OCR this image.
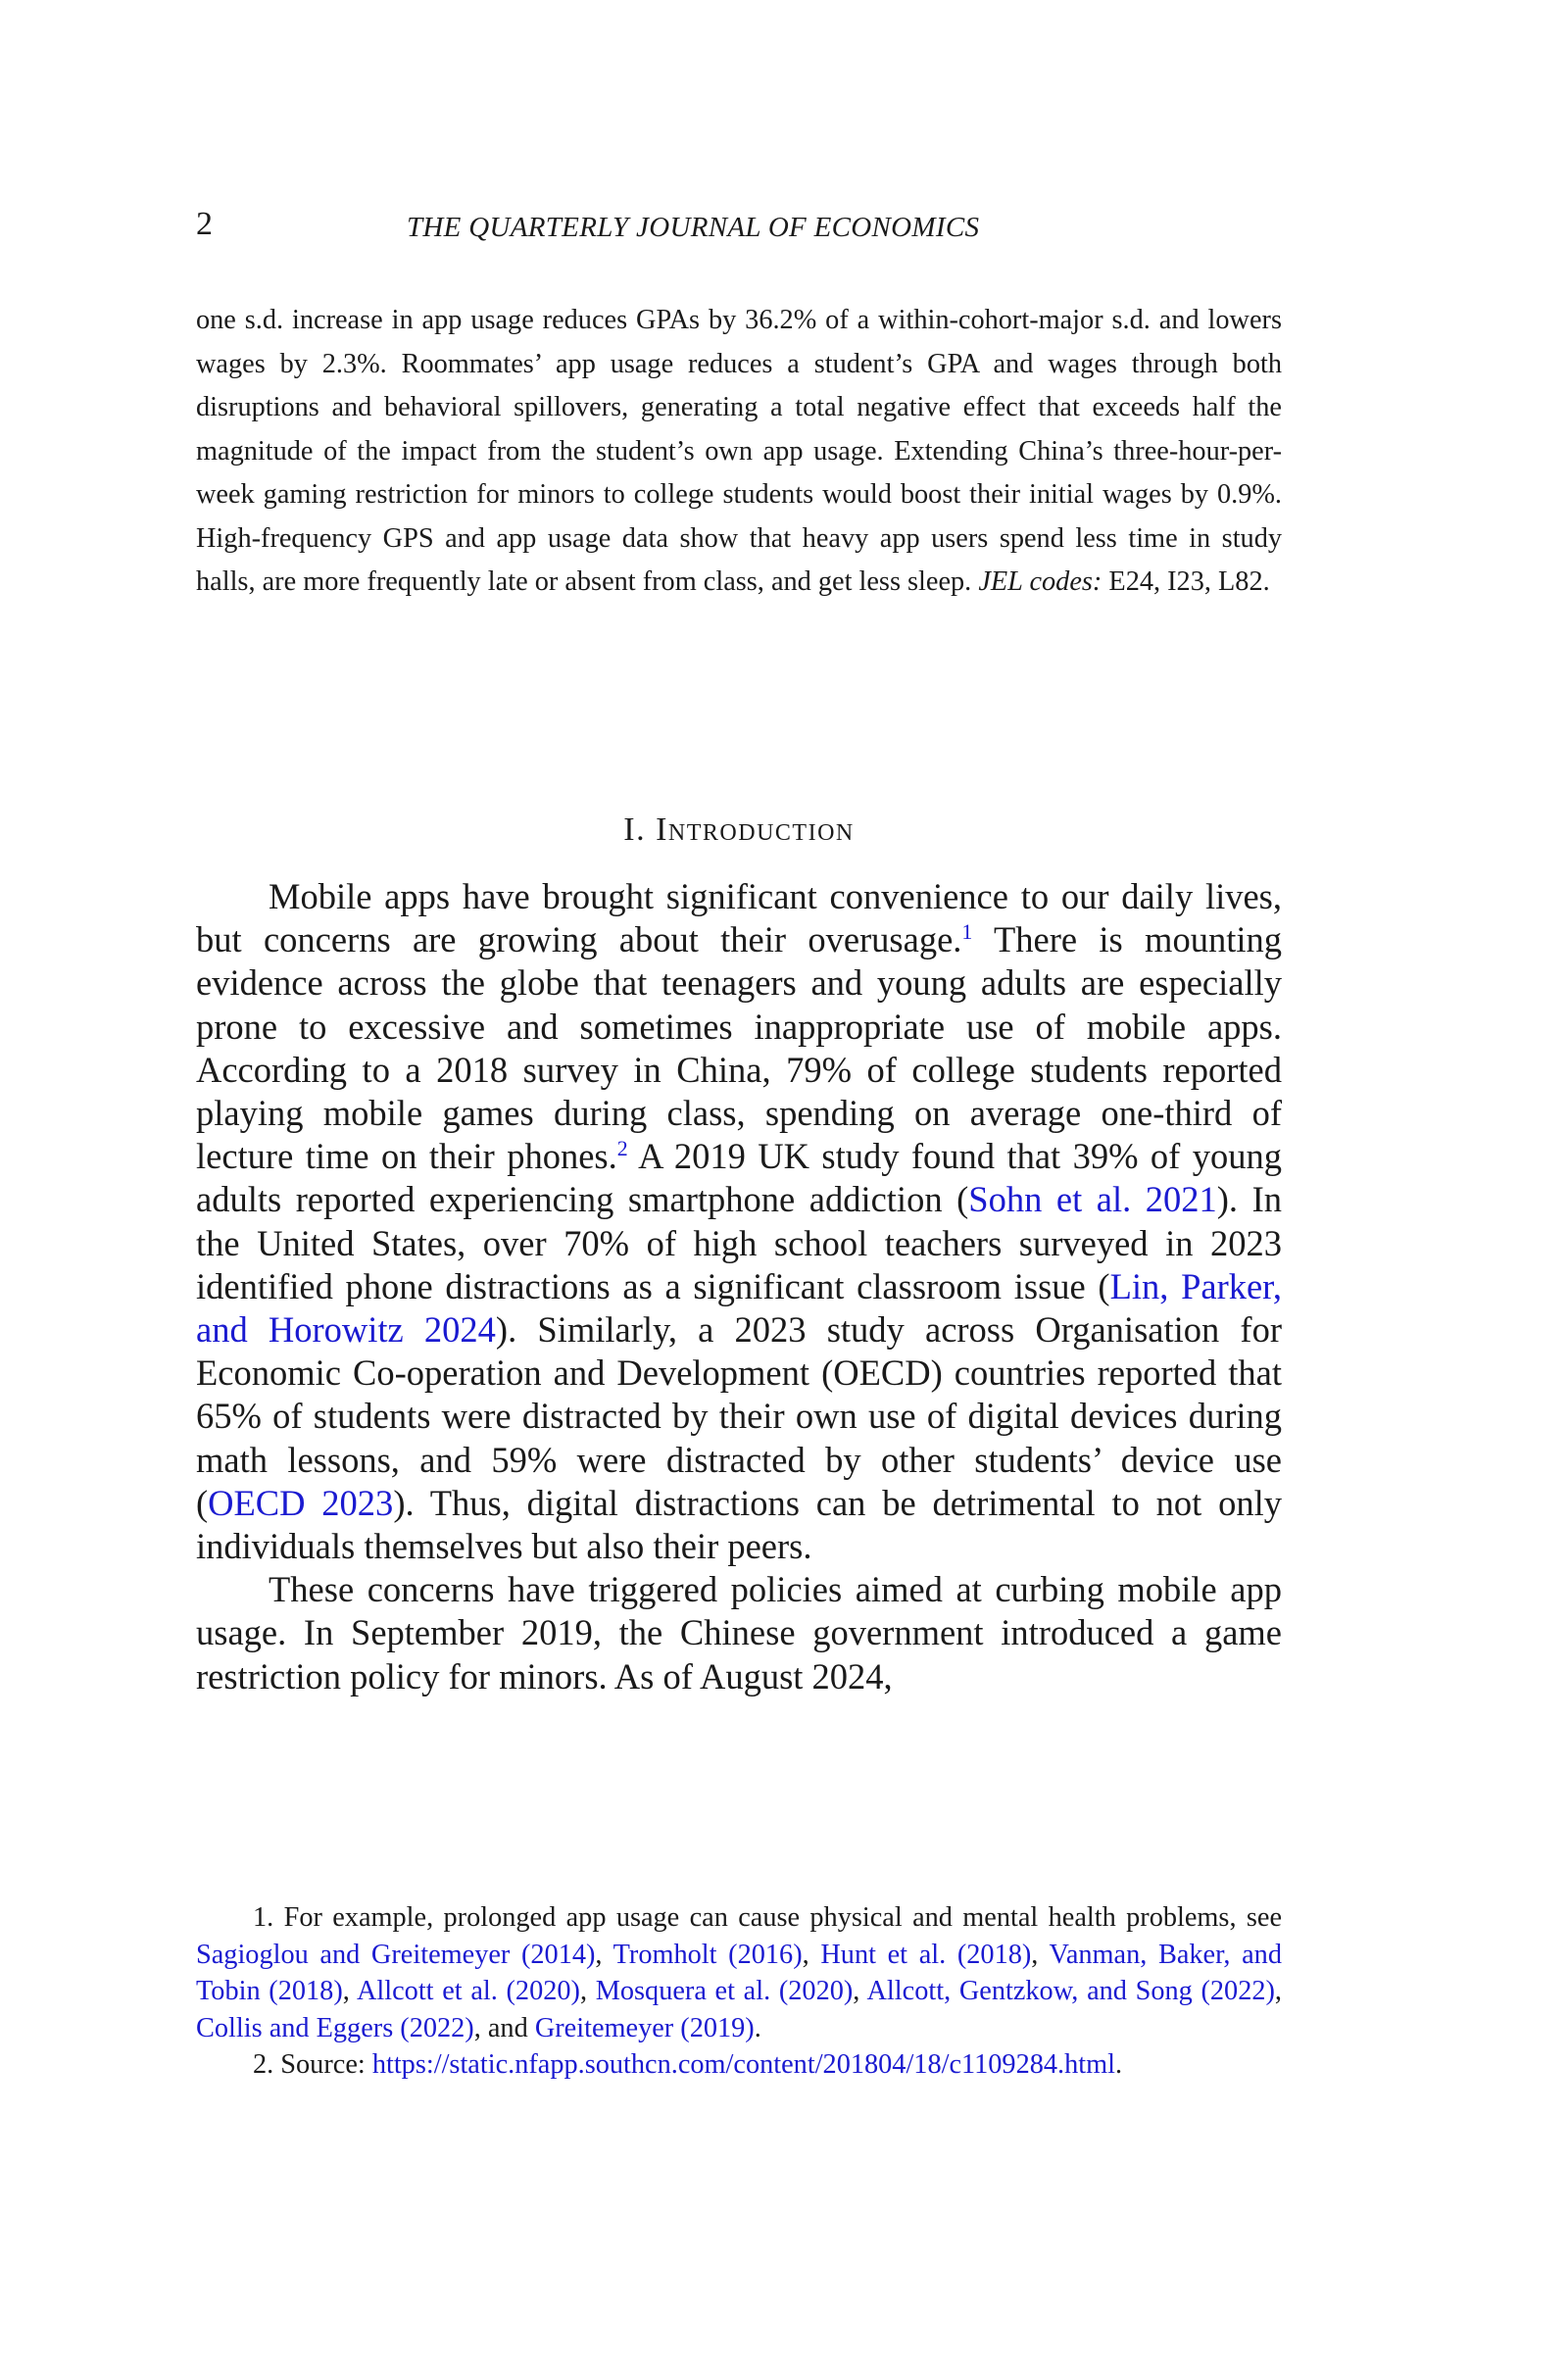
2	THE QUARTERLY JOURNAL OF ECONOMICS
one s.d. increase in app usage reduces GPAs by 36.2% of a within-cohort-major s.d. and lowers wages by 2.3%. Roommates’ app usage reduces a student’s GPA and wages through both disruptions and behavioral spillovers, generating a total negative effect that exceeds half the magnitude of the impact from the student’s own app usage. Extending China’s three-hour-per-week gaming restriction for minors to college students would boost their initial wages by 0.9%. High-frequency GPS and app usage data show that heavy app users spend less time in study halls, are more frequently late or absent from class, and get less sleep. JEL codes: E24, I23, L82.
I. Introduction

Mobile apps have brought significant convenience to our daily lives, but concerns are growing about their overusage.$^1$ There is mounting evidence across the globe that teenagers and young adults are especially prone to excessive and sometimes inappropriate use of mobile apps. According to a 2018 survey in China, 79% of college students reported playing mobile games during class, spending on average one-third of lecture time on their phones.$^2$ A 2019 UK study found that 39% of young adults reported experiencing smartphone addiction (Sohn et al. 2021). In the United States, over 70% of high school teachers surveyed in 2023 identified phone distractions as a significant classroom issue (Lin, Parker, and Horowitz 2024). Similarly, a 2023 study across Organisation for Economic Co-operation and Development (OECD) countries reported that 65% of students were distracted by their own use of digital devices during math lessons, and 59% were distracted by other students’ device use (OECD 2023). Thus, digital distractions can be detrimental to not only individuals themselves but also their peers.

These concerns have triggered policies aimed at curbing mobile app usage. In September 2019, the Chinese government introduced a game restriction policy for minors. As of August 2024,

1. For example, prolonged app usage can cause physical and mental health problems, see Sagioglou and Greitemeyer (2014), Tromholt (2016), Hunt et al. (2018), Vanman, Baker, and Tobin (2018), Allcott et al. (2020), Mosquera et al. (2020), Allcott, Gentzkow, and Song (2022), Collis and Eggers (2022), and Greitemeyer (2019).

2. Source: https://static.nfapp.southcn.com/content/201804/18/c1109284.html.
